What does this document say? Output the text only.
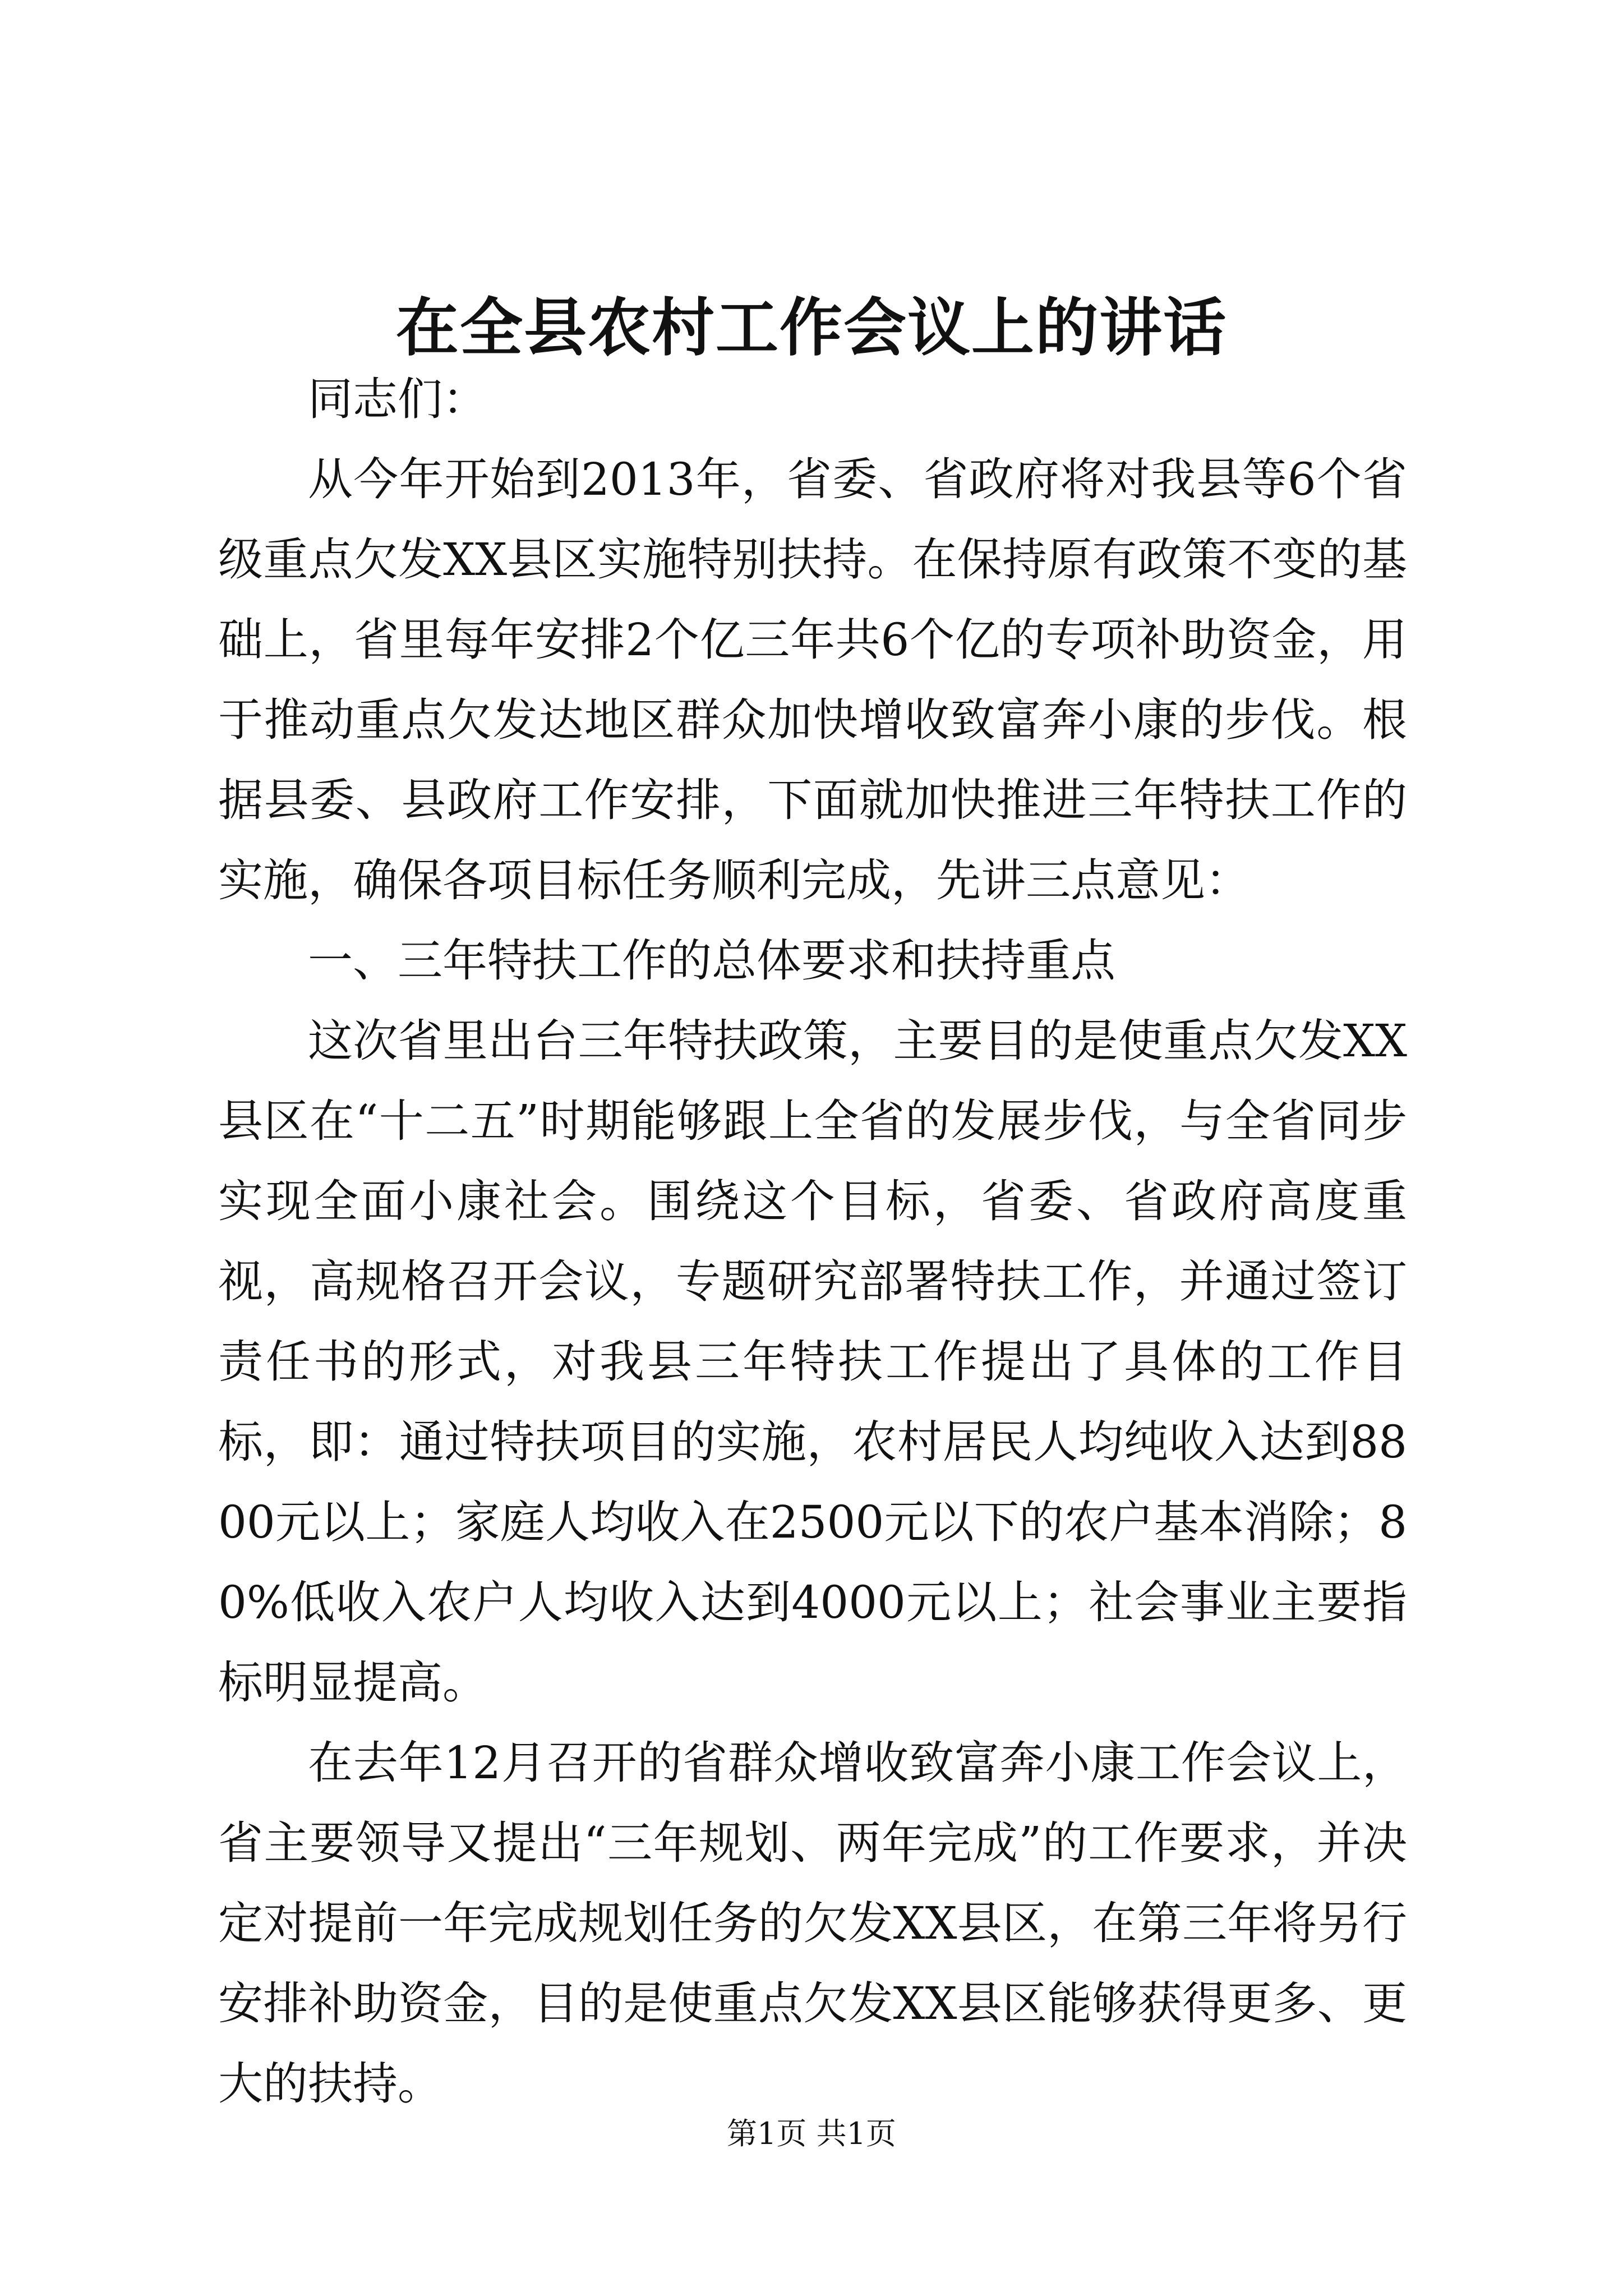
在全县农村工作会议上的讲话

同志们：

从今年开始到2013年，省委、省政府将对我县等6个省级重点欠发XX县区实施特别扶持。在保持原有政策不变的基础上，省里每年安排2个亿三年共6个亿的专项补助资金，用于推动重点欠发达地区群众加快增收致富奔小康的步伐。根据县委、县政府工作安排，下面就加快推进三年特扶工作的实施，确保各项目标任务顺利完成，先讲三点意见：

一、三年特扶工作的总体要求和扶持重点

这次省里出台三年特扶政策，主要目的是使重点欠发XX县区在“十二五”时期能够跟上全省的发展步伐，与全省同步实现全面小康社会。围绕这个目标，省委、省政府高度重视，高规格召开会议，专题研究部署特扶工作，并通过签订责任书的形式，对我县三年特扶工作提出了具体的工作目标，即：通过特扶项目的实施，农村居民人均纯收入达到8800元以上；家庭人均收入在2500元以下的农户基本消除；80%低收入农户人均收入达到4000元以上；社会事业主要指标明显提高。

在去年12月召开的省群众增收致富奔小康工作会议上，省主要领导又提出“三年规划、两年完成”的工作要求，并决定对提前一年完成规划任务的欠发XX县区，在第三年将另行安排补助资金，目的是使重点欠发XX县区能够获得更多、更大的扶持。

第1页 共1页
